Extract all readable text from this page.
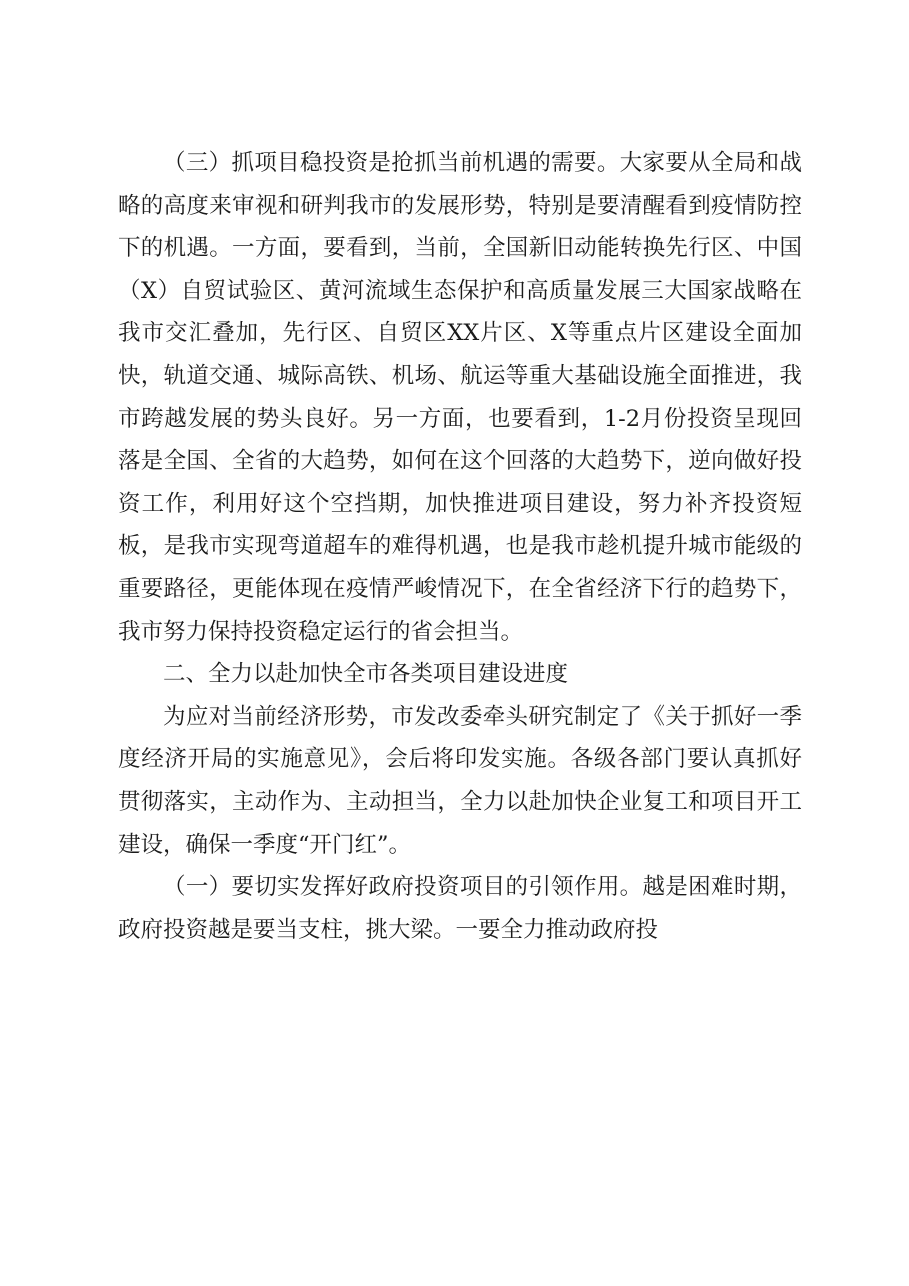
（三）抓项目稳投资是抢抓当前机遇的需要。大家要从全局和战略的高度来审视和研判我市的发展形势，特别是要清醒看到疫情防控下的机遇。一方面，要看到，当前，全国新旧动能转换先行区、中国（X）自贸试验区、黄河流域生态保护和高质量发展三大国家战略在我市交汇叠加，先行区、自贸区XX片区、X等重点片区建设全面加快，轨道交通、城际高铁、机场、航运等重大基础设施全面推进，我市跨越发展的势头良好。另一方面，也要看到，1-2月份投资呈现回落是全国、全省的大趋势，如何在这个回落的大趋势下，逆向做好投资工作，利用好这个空挡期，加快推进项目建设，努力补齐投资短板，是我市实现弯道超车的难得机遇，也是我市趁机提升城市能级的重要路径，更能体现在疫情严峻情况下，在全省经济下行的趋势下，我市努力保持投资稳定运行的省会担当。

二、全力以赴加快全市各类项目建设进度

为应对当前经济形势，市发改委牵头研究制定了《关于抓好一季度经济开局的实施意见》，会后将印发实施。各级各部门要认真抓好贯彻落实，主动作为、主动担当，全力以赴加快企业复工和项目开工建设，确保一季度“开门红”。

（一）要切实发挥好政府投资项目的引领作用。越是困难时期，政府投资越是要当支柱，挑大梁。一要全力推动政府投
